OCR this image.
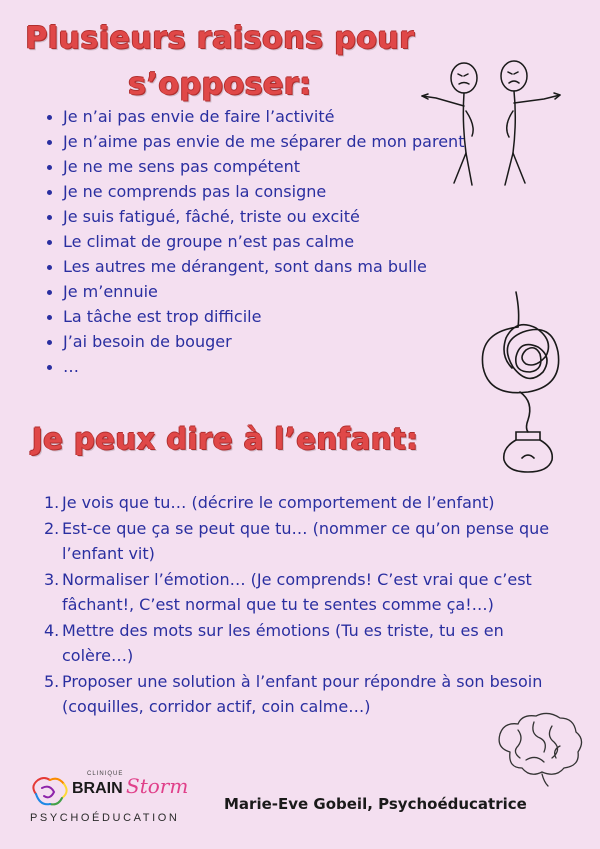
Plusieurs raisons pour
s’opposer:
Je n’ai pas envie de faire l’activité
Je n’aime pas envie de me séparer de mon parent
Je ne me sens pas compétent
Je ne comprends pas la consigne
Je suis fatigué, fâché, triste ou excité
Le climat de groupe n’est pas calme
Les autres me dérangent, sont dans ma bulle
Je m’ennuie
La tâche est trop difficile
J’ai besoin de bouger
…
Je peux dire à l’enfant:
1. Je vois que tu… (décrire le comportement de l’enfant)
2. Est-ce que ça se peut que tu… (nommer ce qu’on pense que l’enfant vit)
3. Normaliser l’émotion… (Je comprends! C’est vrai que c’est fâchant!, C’est normal que tu te sentes comme ça!…)
4. Mettre des mots sur les émotions (Tu es triste, tu es en colère…)
5. Proposer une solution à l’enfant pour répondre à son besoin (coquilles, corridor actif, coin calme…)
CLINIQUE
BRAIN Storm
PSYCHOÉDUCATION
Marie-Eve Gobeil, Psychoéducatrice
